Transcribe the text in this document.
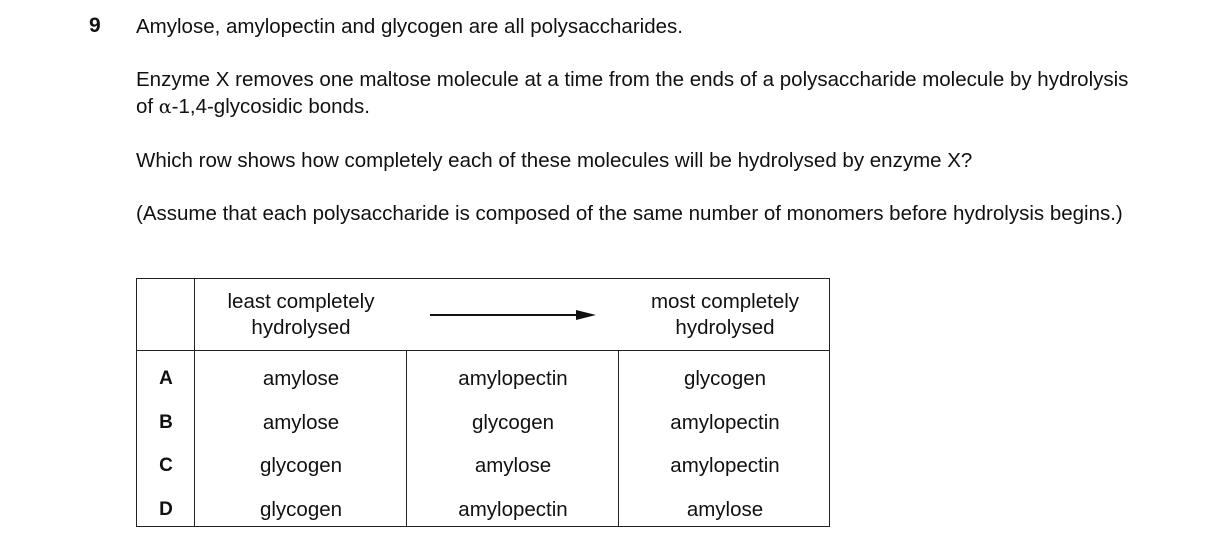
9 Amylose, amylopectin and glycogen are all polysaccharides.
Enzyme X removes one maltose molecule at a time from the ends of a polysaccharide molecule by hydrolysis of α-1,4-glycosidic bonds.
Which row shows how completely each of these molecules will be hydrolysed by enzyme X?
(Assume that each polysaccharide is composed of the same number of monomers before hydrolysis begins.)
least completely hydrolysed
most completely hydrolysed
A	amylose	amylopectin	glycogen
B	amylose	glycogen	amylopectin
C	glycogen	amylose	amylopectin
D	glycogen	amylopectin	amylose
